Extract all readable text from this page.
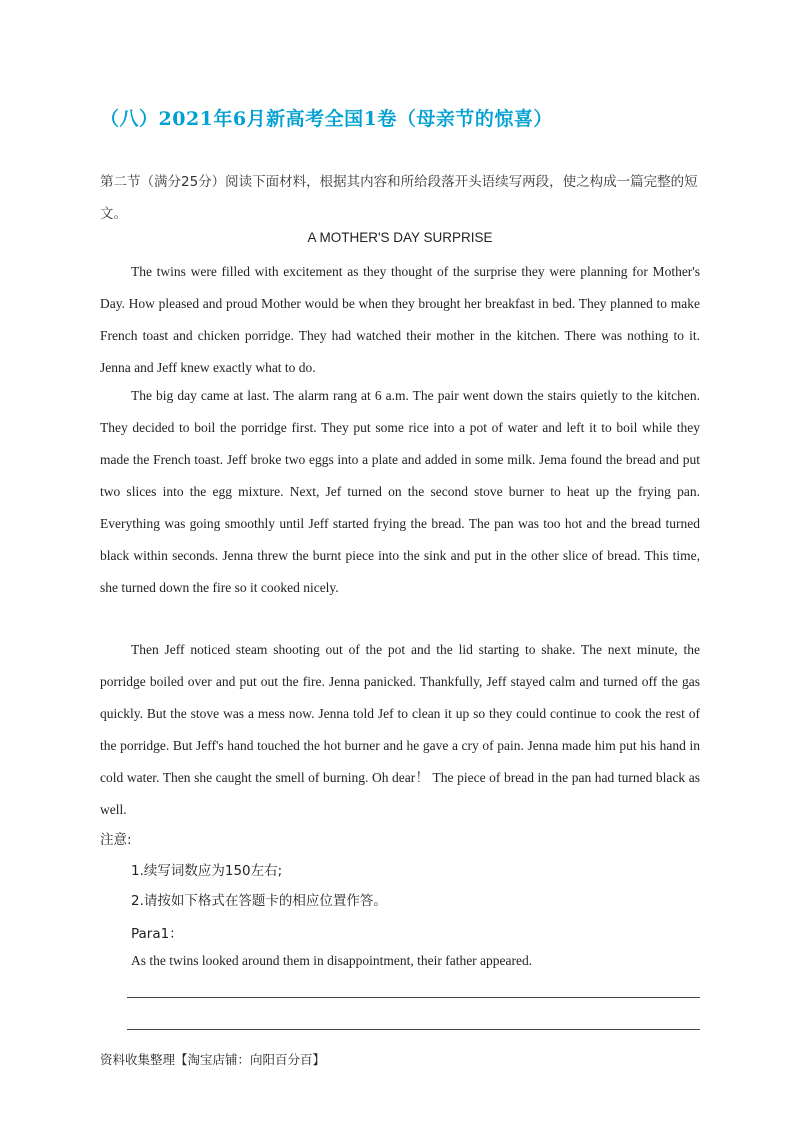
（八）2021年6月新高考全国1卷（母亲节的惊喜）
第二节（满分25分）阅读下面材料，根据其内容和所给段落开头语续写两段，使之构成一篇完整的短文。
A MOTHER'S DAY SURPRISE

The twins were filled with excitement as they thought of the surprise they were planning for Mother's Day. How pleased and proud Mother would be when they brought her breakfast in bed. They planned to make French toast and chicken porridge. They had watched their mother in the kitchen. There was nothing to it. Jenna and Jeff knew exactly what to do.

The big day came at last. The alarm rang at 6 a.m. The pair went down the stairs quietly to the kitchen. They decided to boil the porridge first. They put some rice into a pot of water and left it to boil while they made the French toast. Jeff broke two eggs into a plate and added in some milk. Jema found the bread and put two slices into the egg mixture. Next, Jef turned on the second stove burner to heat up the frying pan. Everything was going smoothly until Jeff started frying the bread. The pan was too hot and the bread turned black within seconds. Jenna threw the burnt piece into the sink and put in the other slice of bread. This time, she turned down the fire so it cooked nicely.

Then Jeff noticed steam shooting out of the pot and the lid starting to shake. The next minute, the porridge boiled over and put out the fire. Jenna panicked. Thankfully, Jeff stayed calm and turned off the gas quickly. But the stove was a mess now. Jenna told Jef to clean it up so they could continue to cook the rest of the porridge. But Jeff's hand touched the hot burner and he gave a cry of pain. Jenna made him put his hand in cold water. Then she caught the smell of burning. Oh dear！ The piece of bread in the pan had turned black as well.

注意:
1.续写词数应为150左右;
2.请按如下格式在答题卡的相应位置作答。
Para1：
As the twins looked around them in disappointment, their father appeared.
资料收集整理【淘宝店铺：向阳百分百】
